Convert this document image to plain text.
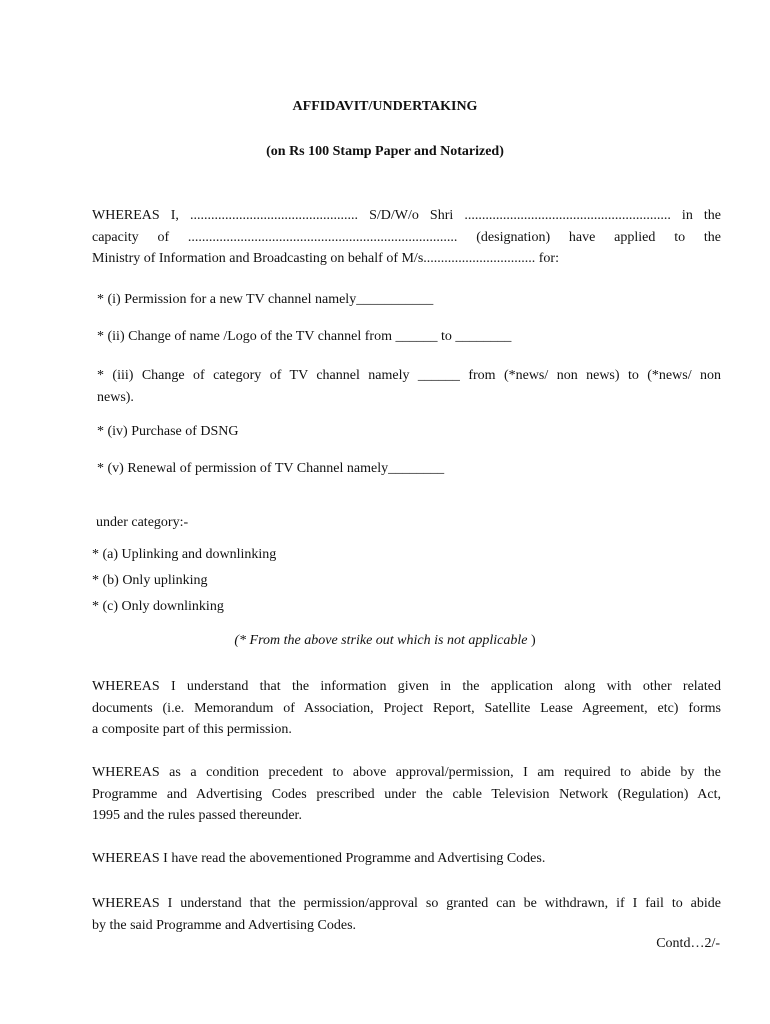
AFFIDAVIT/UNDERTAKING
(on Rs 100 Stamp Paper and Notarized)
WHEREAS I, ................................................ S/D/W/o Shri ........................................................... in the
capacity of ............................................................................. (designation) have applied to the
Ministry of Information and Broadcasting on behalf of M/s................................ for:
* (i) Permission for a new TV channel namely___________
* (ii) Change of name /Logo of the TV channel from ______ to ________
* (iii) Change of category of TV channel namely ______ from (*news/ non news) to (*news/ non
news).
* (iv) Purchase of DSNG
* (v) Renewal of permission of TV Channel namely________
under category:-
* (a) Uplinking and downlinking
* (b) Only uplinking
* (c) Only downlinking
(* From the above strike out which is not applicable )
WHEREAS I understand that the information given in the application along with other related
documents (i.e. Memorandum of Association, Project Report, Satellite Lease Agreement, etc) forms
a composite part of this permission.
WHEREAS as a condition precedent to above approval/permission, I am required to abide by the
Programme and Advertising Codes prescribed under the cable Television Network (Regulation) Act,
1995 and the rules passed thereunder.
WHEREAS I have read the abovementioned Programme and Advertising Codes.
WHEREAS I understand that the permission/approval so granted can be withdrawn, if I fail to abide
by the said Programme and Advertising Codes.
Contd…2/-
